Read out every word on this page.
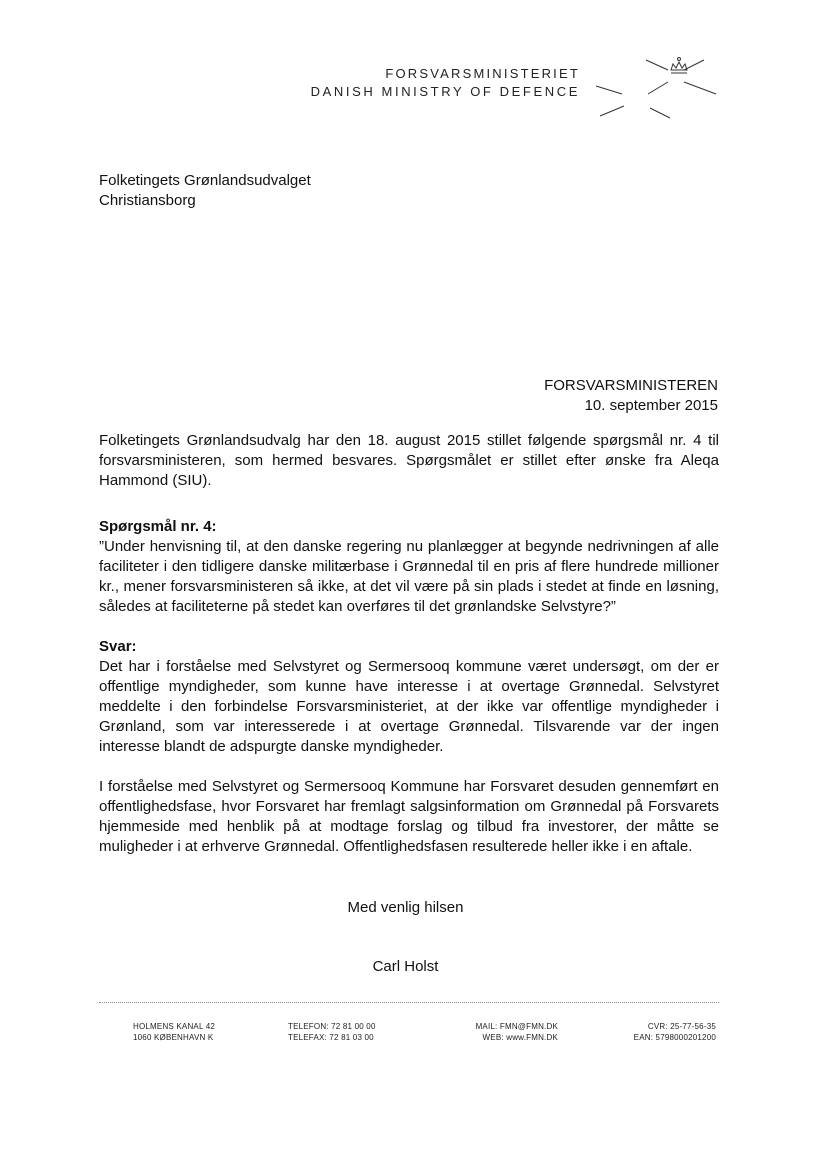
FORSVARSMINISTERIET
DANISH MINISTRY OF DEFENCE
Folketingets Grønlandsudvalget
Christiansborg
FORSVARSMINISTEREN
10. september 2015
Folketingets Grønlandsudvalg har den 18. august 2015 stillet følgende spørgsmål nr. 4 til forsvarsministeren, som hermed besvares. Spørgsmålet er stillet efter ønske fra Aleqa Hammond (SIU).
Spørgsmål nr. 4:
”Under henvisning til, at den danske regering nu planlægger at begynde nedrivningen af alle faciliteter i den tidligere danske militærbase i Grønnedal til en pris af flere hundrede millioner kr., mener forsvarsministeren så ikke, at det vil være på sin plads i stedet at finde en løsning, således at faciliteterne på stedet kan overføres til det grønlandske Selvstyre?”
Svar:
Det har i forståelse med Selvstyret og Sermersooq kommune været undersøgt, om der er offentlige myndigheder, som kunne have interesse i at overtage Grønnedal. Selvstyret meddelte i den forbindelse Forsvarsministeriet, at der ikke var offentlige myndigheder i Grønland, som var interesserede i at overtage Grønnedal. Tilsvarende var der ingen interesse blandt de adspurgte danske myndigheder.
I forståelse med Selvstyret og Sermersooq Kommune har Forsvaret desuden gennemført en offentlighedsfase, hvor Forsvaret har fremlagt salgsinformation om Grønnedal på Forsvarets hjemmeside med henblik på at modtage forslag og tilbud fra investorer, der måtte se muligheder i at erhverve Grønnedal. Offentlighedsfasen resulterede heller ikke i en aftale.
Med venlig hilsen
Carl Holst
HOLMENS KANAL 42
1060 KØBENHAVN K
TELEFON: 72 81 00 00
TELEFAX: 72 81 03 00
MAIL: FMN@FMN.DK
WEB: www.FMN.DK
CVR: 25-77-56-35
EAN: 5798000201200
